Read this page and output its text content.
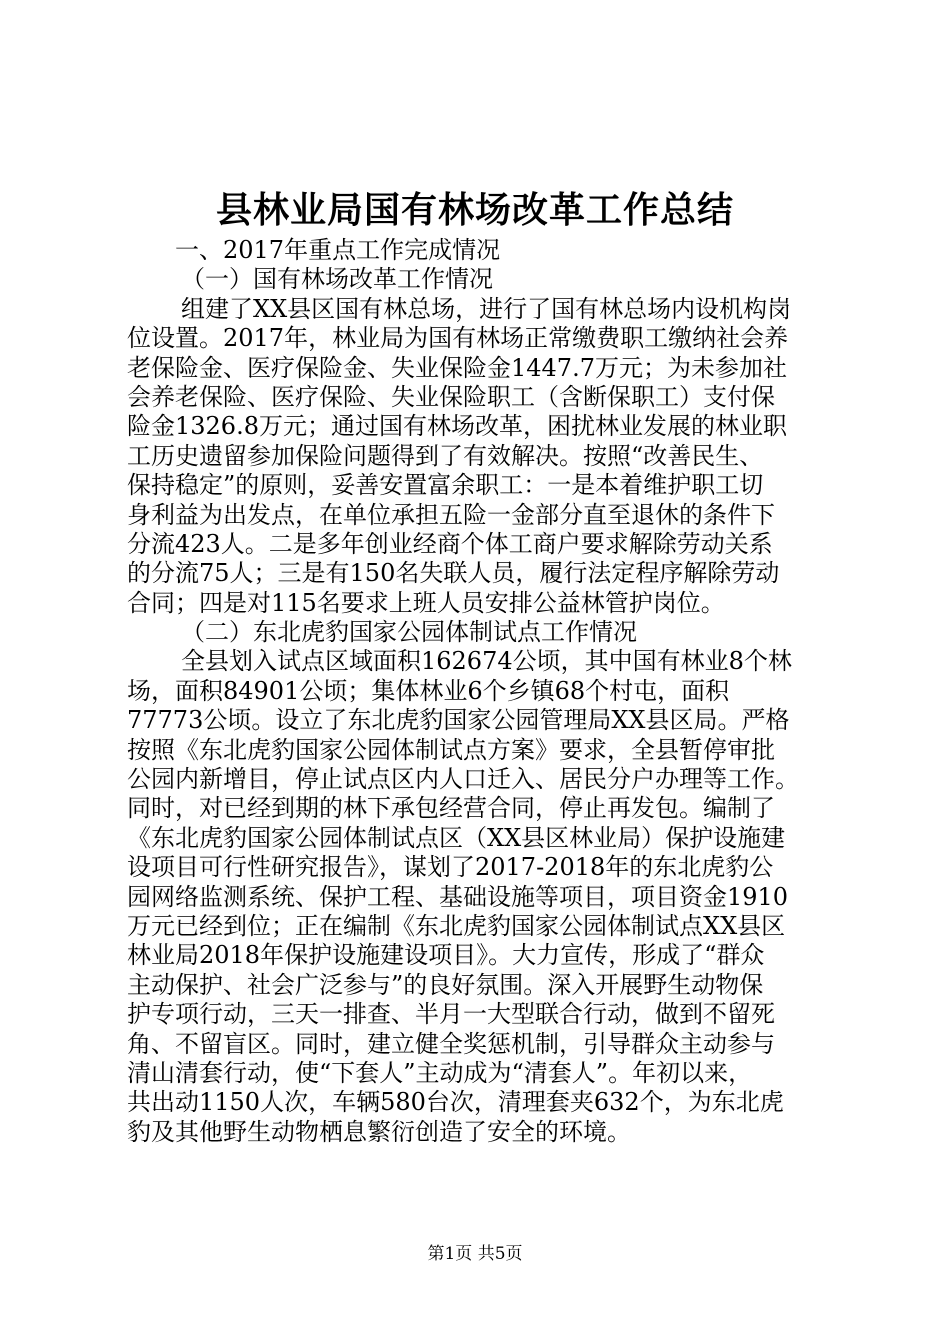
县林业局国有林场改革工作总结
一、2017年重点工作完成情况
（一）国有林场改革工作情况
组建了XX县区国有林总场，进行了国有林总场内设机构岗
位设置。2017年，林业局为国有林场正常缴费职工缴纳社会养
老保险金、医疗保险金、失业保险金1447.7万元；为未参加社
会养老保险、医疗保险、失业保险职工（含断保职工）支付保
险金1326.8万元；通过国有林场改革，困扰林业发展的林业职
工历史遗留参加保险问题得到了有效解决。按照“改善民生、
保持稳定”的原则，妥善安置富余职工：一是本着维护职工切
身利益为出发点，在单位承担五险一金部分直至退休的条件下
分流423人。二是多年创业经商个体工商户要求解除劳动关系
的分流75人；三是有150名失联人员，履行法定程序解除劳动
合同；四是对115名要求上班人员安排公益林管护岗位。
（二）东北虎豹国家公园体制试点工作情况
全县划入试点区域面积162674公顷，其中国有林业8个林
场，面积84901公顷；集体林业6个乡镇68个村屯，面积
77773公顷。设立了东北虎豹国家公园管理局XX县区局。严格
按照《东北虎豹国家公园体制试点方案》要求，全县暂停审批
公园内新增目，停止试点区内人口迁入、居民分户办理等工作。
同时，对已经到期的林下承包经营合同，停止再发包。编制了
《东北虎豹国家公园体制试点区（XX县区林业局）保护设施建
设项目可行性研究报告》，谋划了2017-2018年的东北虎豹公
园网络监测系统、保护工程、基础设施等项目，项目资金1910
万元已经到位；正在编制《东北虎豹国家公园体制试点XX县区
林业局2018年保护设施建设项目》。大力宣传，形成了“群众
主动保护、社会广泛参与”的良好氛围。深入开展野生动物保
护专项行动，三天一排查、半月一大型联合行动，做到不留死
角、不留盲区。同时，建立健全奖惩机制，引导群众主动参与
清山清套行动，使“下套人”主动成为“清套人”。年初以来，
共出动1150人次，车辆580台次，清理套夹632个，为东北虎
豹及其他野生动物栖息繁衍创造了安全的环境。
第1页 共5页
